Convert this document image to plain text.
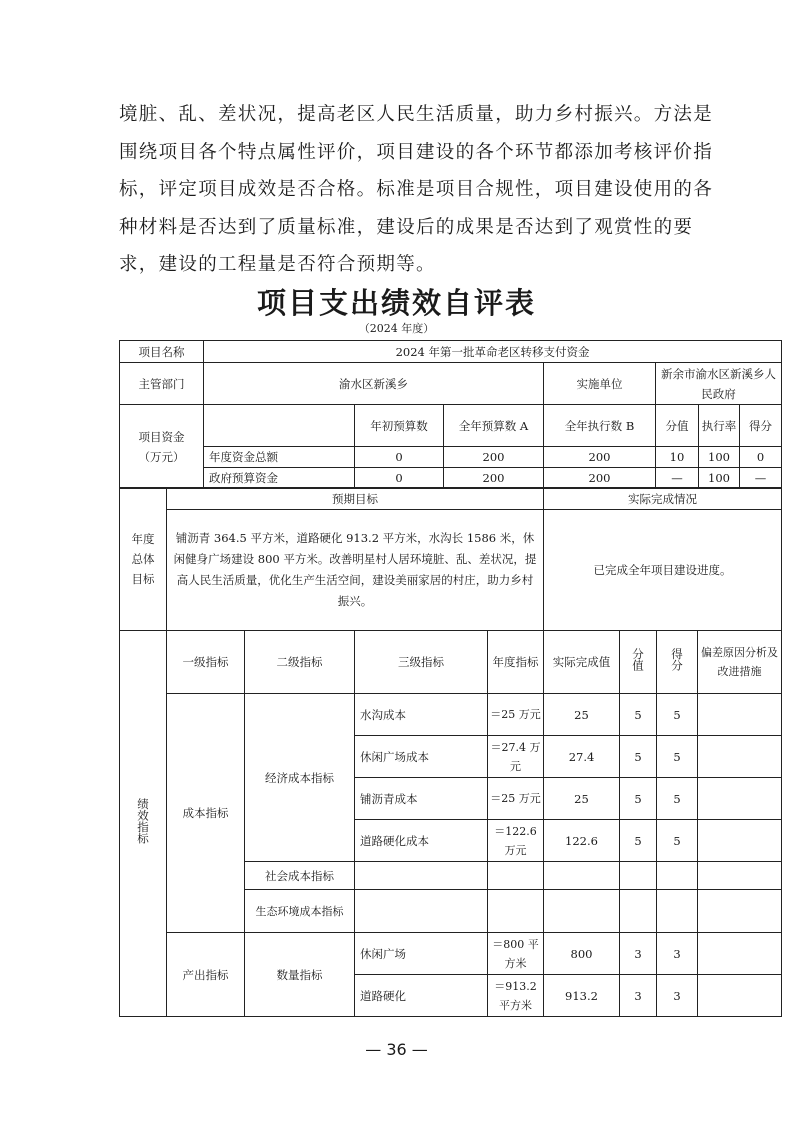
境脏、乱、差状况，提高老区人民生活质量，助力乡村振兴。方法是

围绕项目各个特点属性评价，项目建设的各个环节都添加考核评价指

标，评定项目成效是否合格。标准是项目合规性，项目建设使用的各

种材料是否达到了质量标准，建设后的成果是否达到了观赏性的要

求，建设的工程量是否符合预期等。

项目支出绩效自评表
（2024 年度）
项目名称	2024 年第一批革命老区转移支付资金						
主管部门	渝水区新溪乡			实施单位	新余市渝水区新溪乡人民政府		

项目资金
（万元）		年初预算数	全年预算数 A	全年执行数 B	分值	执行率	得分
	年度资金总额	0	200	200	10	100	0
	政府预算资金	0	200	200	—	100	—
年度
总体
目标	预期目标	实际完成情况
	铺沥青 364.5 平方米，道路硬化 913.2 平方米，水沟长 1586 米，休闲健身广场建设 800 平方米。改善明星村人居环境脏、乱、差状况，提高人民生活质量，优化生产生活空间，建设美丽家居的村庄，助力乡村振兴。	已完成全年项目建设进度。
绩效指标	一级指标	二级指标	三级指标	年度指标	实际完成值	分值	得分	偏差原因分析及改进措施
	成本指标	经济成本指标	水沟成本	＝25 万元	25	5	5	
			休闲广场成本	＝27.4 万元	27.4	5	5	
			铺沥青成本	＝25 万元	25	5	5	
			道路硬化成本	＝122.6 万元	122.6	5	5	
		社会成本指标						
		生态环境成本指标						
	产出指标	数量指标	休闲广场	＝800 平方米	800	3	3	
			道路硬化	＝913.2 平方米	913.2	3	3	
— 36 —
